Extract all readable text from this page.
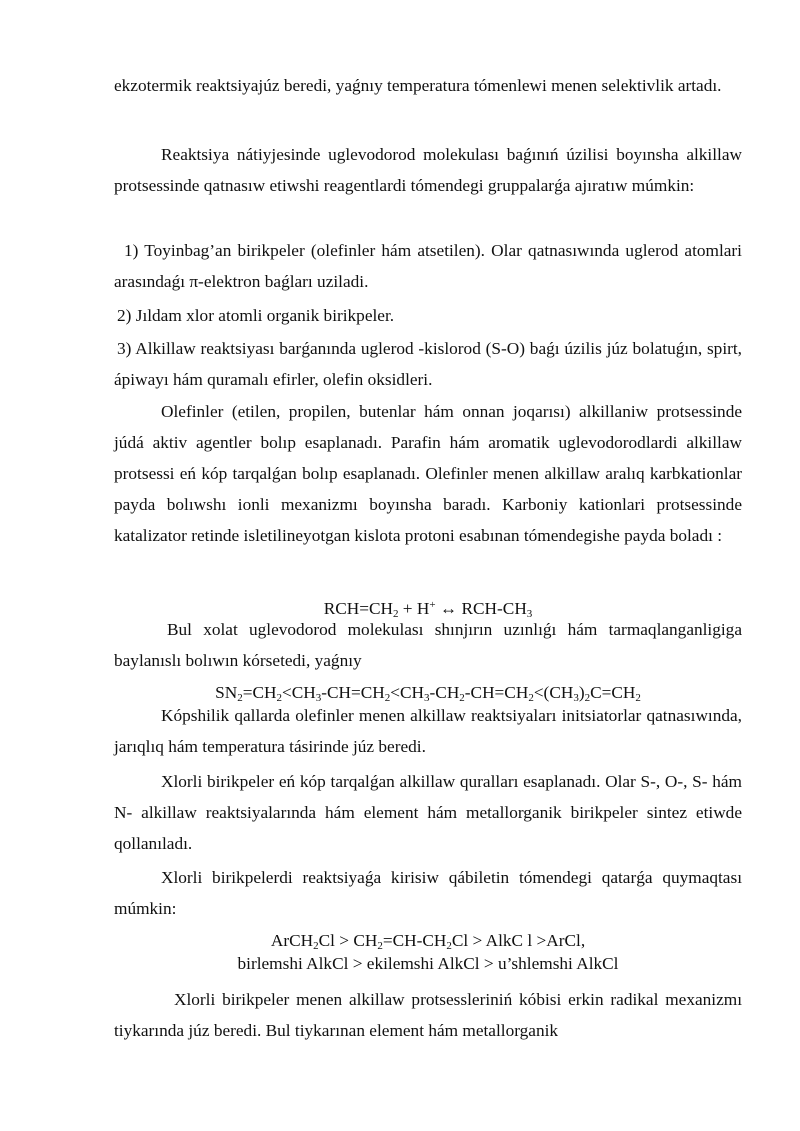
ekzotermik reaktsiyajúz beredi, yaǵnıy temperatura tómenlewi menen selektivlik artadı.

Reaktsiya nátiyjesinde uglevodorod molekulası baǵınıń úzilisi boyınsha alkillaw protsessinde qatnasıw etiwshi reagentlardi tómendegi gruppalarǵa ajıratıw múmkin:

1) Toyinbag’an birikpeler (olefinler hám atsetilen). Olar qatnasıwında uglerod atomlari arasındaǵı π-elektron baǵları uziladi.

2) Jıldam xlor atomli organik birikpeler.

3) Alkillaw reaktsiyası barǵanında uglerod -kislorod (S-O) baǵı úzilis júz bolatuǵın, spirt, ápiwayı hám quramalı efirler, olefin oksidleri.

Olefinler (etilen, propilen, butenlar hám onnan joqarısı) alkillaniw protsessinde júdá aktiv agentler bolıp esaplanadı. Parafin hám aromatik uglevodorodlardi alkillaw protsessi eń kóp tarqalǵan bolıp esaplanadı. Olefinler menen alkillaw aralıq karbkationlar payda bolıwshı ionli mexanizmı boyınsha baradı. Karboniy kationlari protsessinde katalizator retinde isletilineyotgan kislota protoni esabınan tómendegishe payda boladı :

$RCH=CH_2 + H^+$ ↔ RCH-$CH_3$

Bul xolat uglevodorod molekulası shınjırın uzınlıǵı hám tarmaqlanganligiga baylanıslı bolıwın kórsetedi, yaǵnıy

$SN_2=CH_2<CH_3-CH=CH_2<CH_3-CH_2-CH=CH_2<(CH_3)_2C=CH_2$

Kópshilik qallarda olefinler menen alkillaw reaktsiyaları initsiatorlar qatnasıwında, jarıqlıq hám temperatura tásirinde júz beredi.

Xlorli birikpeler eń kóp tarqalǵan alkillaw quralları esaplanadı. Olar S-, O-, S- hám N- alkillaw reaktsiyalarında hám element hám metallorganik birikpeler sintez etiwde qollanıladı.

Xlorli birikpelerdi reaktsiyaǵa kirisiw qábiletin tómendegi qatarǵa quymaqtası múmkin:

ArCH$_2$Cl > $CH_2=CH-CH_2Cl$ > AlkC l >ArCl,

birlemshi AlkCl > ekilemshi AlkCl > u’shlemshi AlkCl

Xlorli birikpeler menen alkillaw protsessleriniń kóbisi erkin radikal mexanizmı tiykarında júz beredi. Bul tiykarınan element hám metallorganik
